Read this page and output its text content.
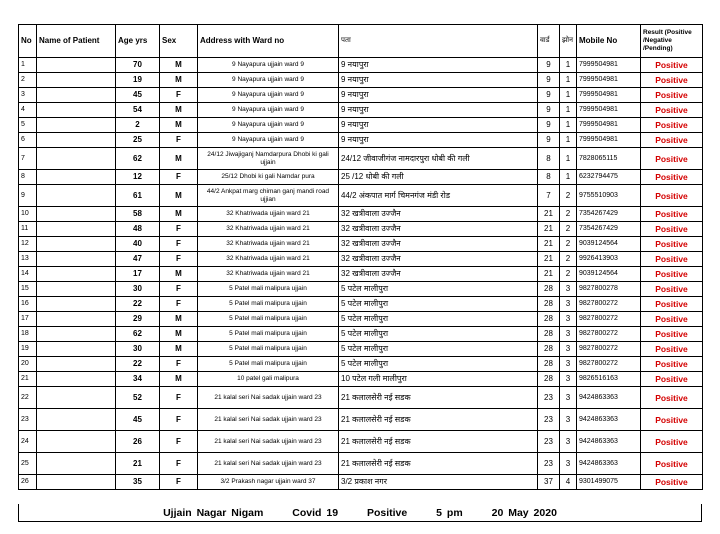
No	Name of Patient	Age yrs	Sex	Address with Ward no	पता	वार्ड	झोन	Mobile No	Result (Positive /Negative /Pending)
1		70	M	9 Nayapura ujjain ward 9	9 नयापुरा	9	1	7999504981	Positive
2		19	M	9 Nayapura ujjain ward 9	9 नयापुरा	9	1	7999504981	Positive
3		45	F	9 Nayapura ujjain ward 9	9 नयापुरा	9	1	7999504981	Positive
4		54	M	9 Nayapura ujjain ward 9	9 नयापुरा	9	1	7999504981	Positive
5		2	M	9 Nayapura ujjain ward 9	9 नयापुरा	9	1	7999504981	Positive
6		25	F	9 Nayapura ujjain ward 9	9 नयापुरा	9	1	7999504981	Positive
7		62	M	24/12 Jiwajiganj Namdarpura Dhobi ki gali ujjain	24/12 जीवाजीगंज नामदारपुरा धोबी की गली	8	1	7828065115	Positive
8		12	F	25/12 Dhobi ki gali Namdar pura	25 /12 धोबी की गली	8	1	6232794475	Positive
9		61	M	44/2 Ankpat marg chiman ganj mandi road ujjian	44/2 अंकपात मार्ग चिमनगंज मंडी रोड	7	2	9755510903	Positive
10		58	M	32 Khatriwada ujjain ward 21	32 खत्रीवाला उज्जैन	21	2	7354267429	Positive
11		48	F	32 Khatriwada ujjain ward 21	32 खत्रीवाला उज्जैन	21	2	7354267429	Positive
12		40	F	32 Khatriwada ujjain ward 21	32 खत्रीवाला उज्जैन	21	2	9039124564	Positive
13		47	F	32 Khatriwada ujjain ward 21	32 खत्रीवाला उज्जैन	21	2	9926413903	Positive
14		17	M	32 Khatriwada ujjain ward 21	32 खत्रीवाला उज्जैन	21	2	9039124564	Positive
15		30	F	5 Patel mali malipura ujjain	5 पटेल मालीपुरा	28	3	9827800278	Positive
16		22	F	5 Patel mali malipura ujjain	5 पटेल मालीपुरा	28	3	9827800272	Positive
17		29	M	5 Patel mali malipura ujjain	5 पटेल मालीपुरा	28	3	9827800272	Positive
18		62	M	5 Patel mali malipura ujjain	5 पटेल मालीपुरा	28	3	9827800272	Positive
19		30	M	5 Patel mali malipura ujjain	5 पटेल मालीपुरा	28	3	9827800272	Positive
20		22	F	5 Patel mali malipura ujjain	5 पटेल मालीपुरा	28	3	9827800272	Positive
21		34	M	10 patel gali malipura	10 पटेल गली मालीपुरा	28	3	9826516163	Positive
22		52	F	21 kalal seri Nai sadak ujjain ward 23	21 कलालसेरी नई सडक	23	3	9424863363	Positive
23		45	F	21 kalal seri Nai sadak ujjain ward 23	21 कलालसेरी नई सडक	23	3	9424863363	Positive
24		26	F	21 kalal seri Nai sadak ujjain ward 23	21 कलालसेरी नई सडक	23	3	9424863363	Positive
25		21	F	21 kalal seri Nai sadak ujjain ward 23	21 कलालसेरी नई सडक	23	3	9424863363	Positive
26		35	F	3/2 Prakash nagar ujjain ward 37	3/2 प्रकाश नगर	37	4	9301499075	Positive
Ujjain Nagar Nigam	Covid 19	Positive	5 pm	20 May 2020
